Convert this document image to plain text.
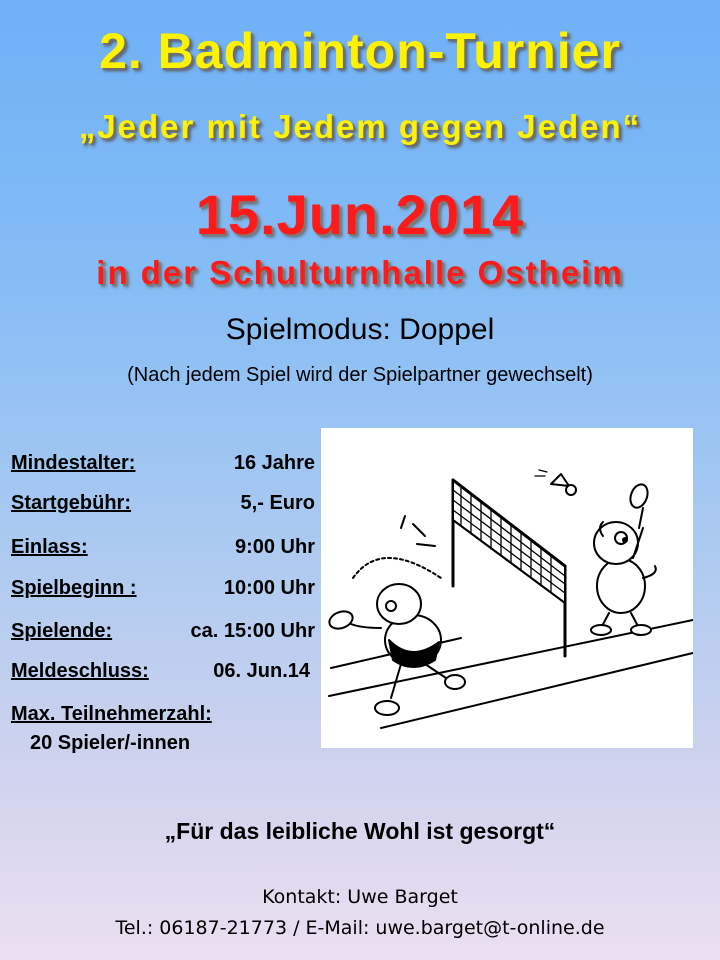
2. Badminton-Turnier
„Jeder mit Jedem gegen Jeden“
15.Jun.2014
in der Schulturnhalle Ostheim
Spielmodus: Doppel
(Nach jedem Spiel wird der Spielpartner gewechselt)
Mindestalter:	16 Jahre
Startgebühr:	5,- Euro
Einlass:	9:00 Uhr
Spielbeginn :	10:00 Uhr
Spielende:	ca. 15:00 Uhr
Meldeschluss:	06. Jun.14
Max. Teilnehmerzahl:
20 Spieler/-innen
„Für das leibliche Wohl ist gesorgt“
Kontakt: Uwe Barget
Tel.: 06187-21773 / E-Mail: uwe.barget@t-online.de
